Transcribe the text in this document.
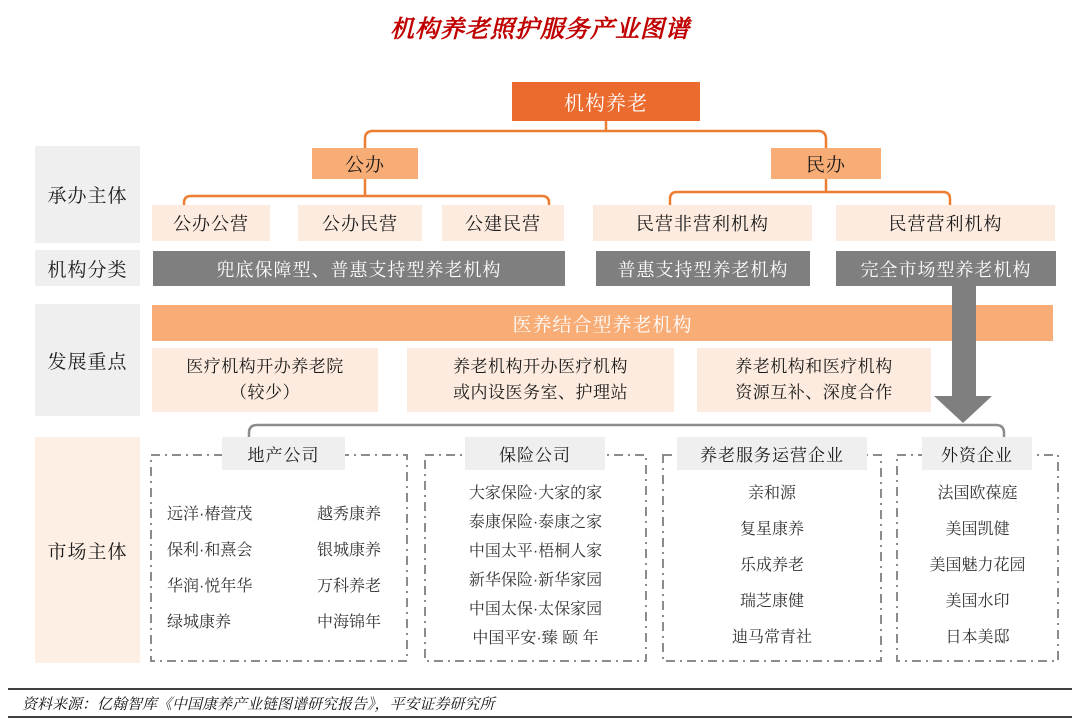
机构养老照护服务产业图谱
机构养老
公办	民办
承办主体
机构分类
发展重点
市场主体
公办公营	公办民营	公建民营	民营非营利机构	民营营利机构
兜底保障型、普惠支持型养老机构	普惠支持型养老机构	完全市场型养老机构
医养结合型养老机构
医疗机构开办养老院
（较少）
养老机构开办医疗机构
或内设医务室、护理站
养老机构和医疗机构
资源互补、深度合作
地产公司	保险公司	养老服务运营企业	外资企业
远洋·椿萱茂	越秀康养
保利·和熹会	银城康养
华润·悦年华	万科养老
绿城康养	中海锦年
大家保险·大家的家
泰康保险·泰康之家
中国太平·梧桐人家
新华保险·新华家园
中国太保·太保家园
中国平安·臻 颐 年
亲和源
复星康养
乐成养老
瑞芝康健
迪马常青社
法国欧葆庭
美国凯健
美国魅力花园
美国水印
日本美邸
资料来源：亿翰智库《中国康养产业链图谱研究报告》，平安证券研究所
